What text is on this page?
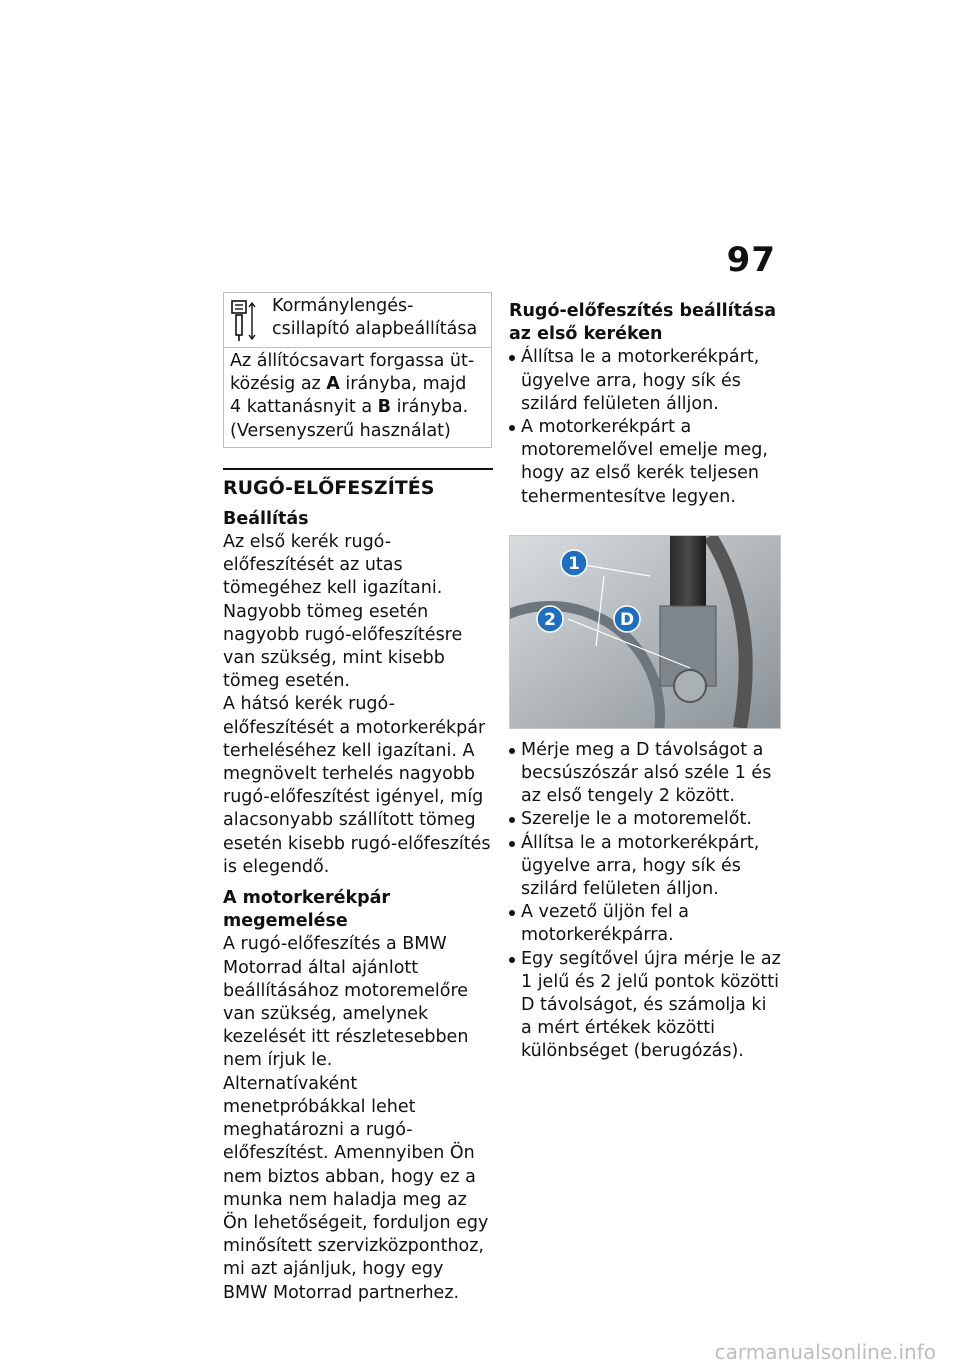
97
Kormánylengés-csillapító alapbeállítása
Az állítócsavart forgassa üt-
közésig az A irányba, majd
4 kattanásnyit a B irányba.
(Versenyszerű használat)
RUGÓ-ELŐFESZÍTÉS
Beállítás

Az első kerék rugó-előfeszítését az utas tömegéhez kell igazítani. Nagyobb tömeg esetén nagyobb rugó-előfeszítésre van szükség, mint kisebb tömeg esetén.

A hátsó kerék rugó-előfeszítését a motorkerékpár terheléséhez kell igazítani. A megnövelt terhelés nagyobb rugó-előfeszítést igényel, míg alacsonyabb szállított tömeg esetén kisebb rugó-előfeszítés is elegendő.

A motorkerékpár megemelése

A rugó-előfeszítés a BMW Motorrad által ajánlott beállításához motoremelőre van szükség, amelynek kezelését itt részletesebben nem írjuk le.

Alternatívaként menetpróbákkal lehet meghatározni a rugó-előfeszítést. Amennyiben Ön nem biztos abban, hogy ez a munka nem haladja meg az Ön lehetőségeit, forduljon egy minősített szervizközponthoz, mi azt ajánljuk, hogy egy BMW Motorrad partnerhez.

Rugó-előfeszítés beállítása az első keréken
Állítsa le a motorkerékpárt, ügyelve arra, hogy sík és szilárd felületen álljon.
A motorkerékpárt a motoremelővel emelje meg, hogy az első kerék teljesen tehermentesítve legyen.
1
2	D
Mérje meg a D távolságot a becsúszószár alsó széle 1 és az első tengely 2 között.
Szerelje le a motoremelőt.
Állítsa le a motorkerékpárt, ügyelve arra, hogy sík és szilárd felületen álljon.
A vezető üljön fel a motorkerékpárra.
Egy segítővel újra mérje le az 1 jelű és 2 jelű pontok közötti D távolságot, és számolja ki a mért értékek közötti különbséget (berugózás).
carmanualsonline.info
